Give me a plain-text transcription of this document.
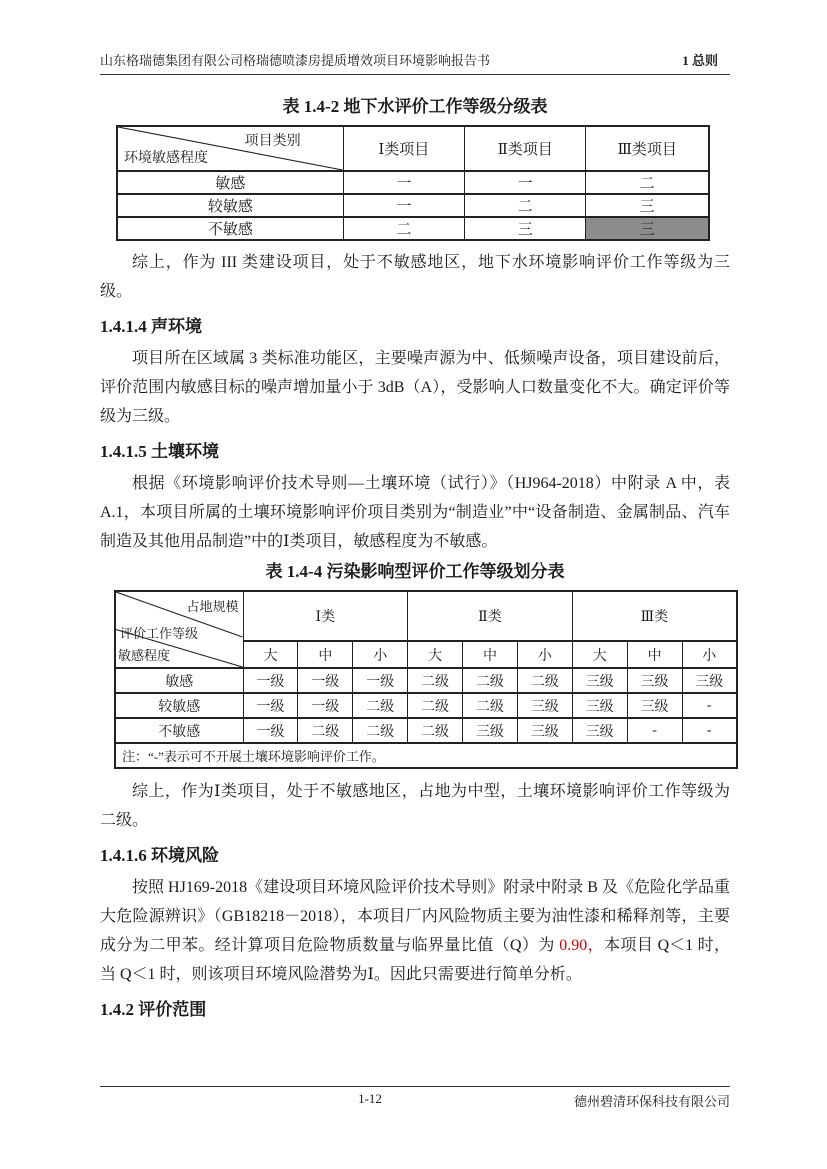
山东格瑞德集团有限公司格瑞德喷漆房提质增效项目环境影响报告书	1 总则
表 1.4-2 地下水评价工作等级分级表
项目类别
环境敏感程度	Ⅰ类项目	Ⅱ类项目	Ⅲ类项目
敏感	一	一	二
较敏感	一	二	三
不敏感	二	三	三

综上，作为 III 类建设项目，处于不敏感地区，地下水环境影响评价工作等级为三级。

1.4.1.4 声环境

项目所在区域属 3 类标准功能区，主要噪声源为中、低频噪声设备，项目建设前后，评价范围内敏感目标的噪声增加量小于 3dB（A），受影响人口数量变化不大。确定评价等级为三级。

1.4.1.5 土壤环境

根据《环境影响评价技术导则—土壤环境（试行）》（HJ964-2018）中附录 A 中，表 A.1，本项目所属的土壤环境影响评价项目类别为“制造业”中“设备制造、金属制品、汽车制造及其他用品制造”中的Ⅰ类项目，敏感程度为不敏感。

表 1.4-4 污染影响型评价工作等级划分表
占地规模
评价工作等级
敏感程度	Ⅰ类			Ⅱ类			Ⅲ类		
	大	中	小	大	中	小	大	中	小
敏感	一级	一级	一级	二级	二级	二级	三级	三级	三级
较敏感	一级	一级	二级	二级	二级	三级	三级	三级	-
不敏感	一级	二级	二级	二级	三级	三级	三级	-	-
注：“-”表示可不开展土壤环境影响评价工作。									

综上，作为Ⅰ类项目，处于不敏感地区，占地为中型，土壤环境影响评价工作等级为二级。

1.4.1.6 环境风险

按照 HJ169-2018《建设项目环境风险评价技术导则》附录中附录 B 及《危险化学品重大危险源辨识》（GB18218－2018），本项目厂内风险物质主要为油性漆和稀释剂等，主要成分为二甲苯。经计算项目危险物质数量与临界量比值（Q）为 0.90，本项目 Q＜1 时，当 Q＜1 时，则该项目环境风险潜势为Ⅰ。因此只需要进行简单分析。

1.4.2 评价范围
1-12	德州碧清环保科技有限公司
